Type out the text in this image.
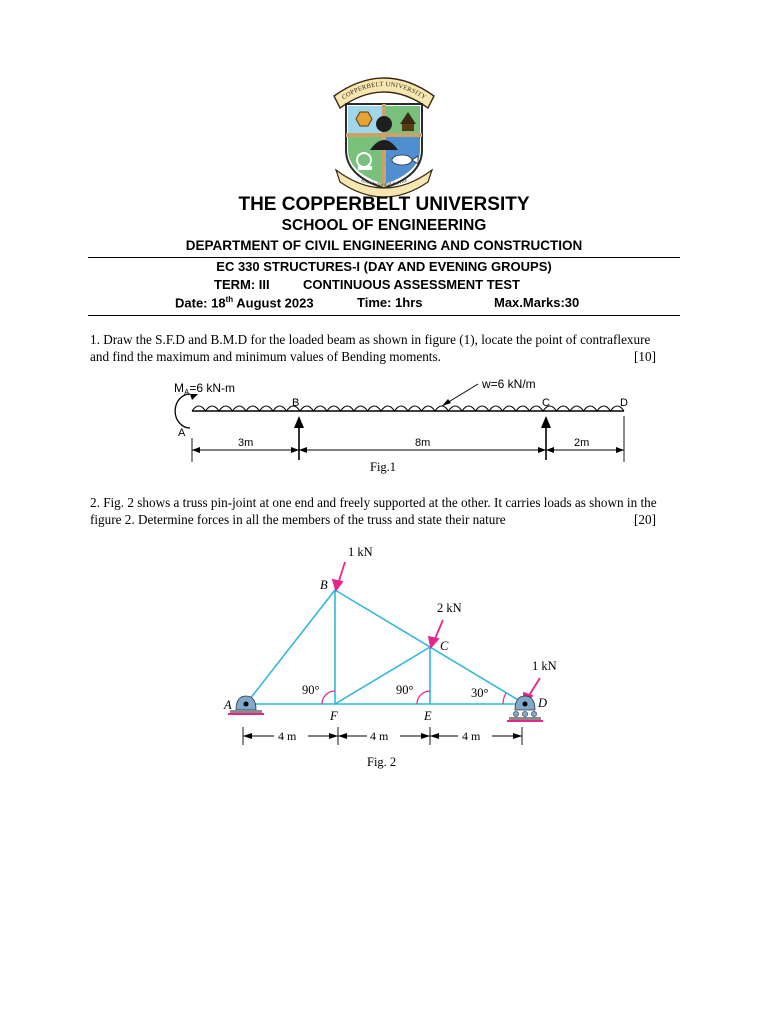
COPPERBELT UNIVERSITY
Knowledge and Service
THE COPPERBELT UNIVERSITY
SCHOOL OF ENGINEERING
DEPARTMENT OF CIVIL ENGINEERING AND CONSTRUCTION
EC 330 STRUCTURES-I (DAY AND EVENING GROUPS)
TERM: III	CONTINUOUS ASSESSMENT TEST
Date: 18th August 2023	Time: 1hrs	Max.Marks:30
1. Draw the S.F.D and B.M.D for the loaded beam as shown in figure (1), locate the point of contraflexure
and find the maximum and minimum values of Bending moments.	[10]
$M_A=6$ kN-m	w=6 kN/m
A
B	C	D
3m	8m	2m
Fig.1
2. Fig. 2 shows a truss pin-joint at one end and freely supported at the other. It carries loads as shown in the
figure 2. Determine forces in all the members of the truss and state their nature	[20]
1 kN
2 kN
1 kN
B
C
A	D
F	E
90°	90°	30°
4 m	4 m	4 m
Fig. 2
